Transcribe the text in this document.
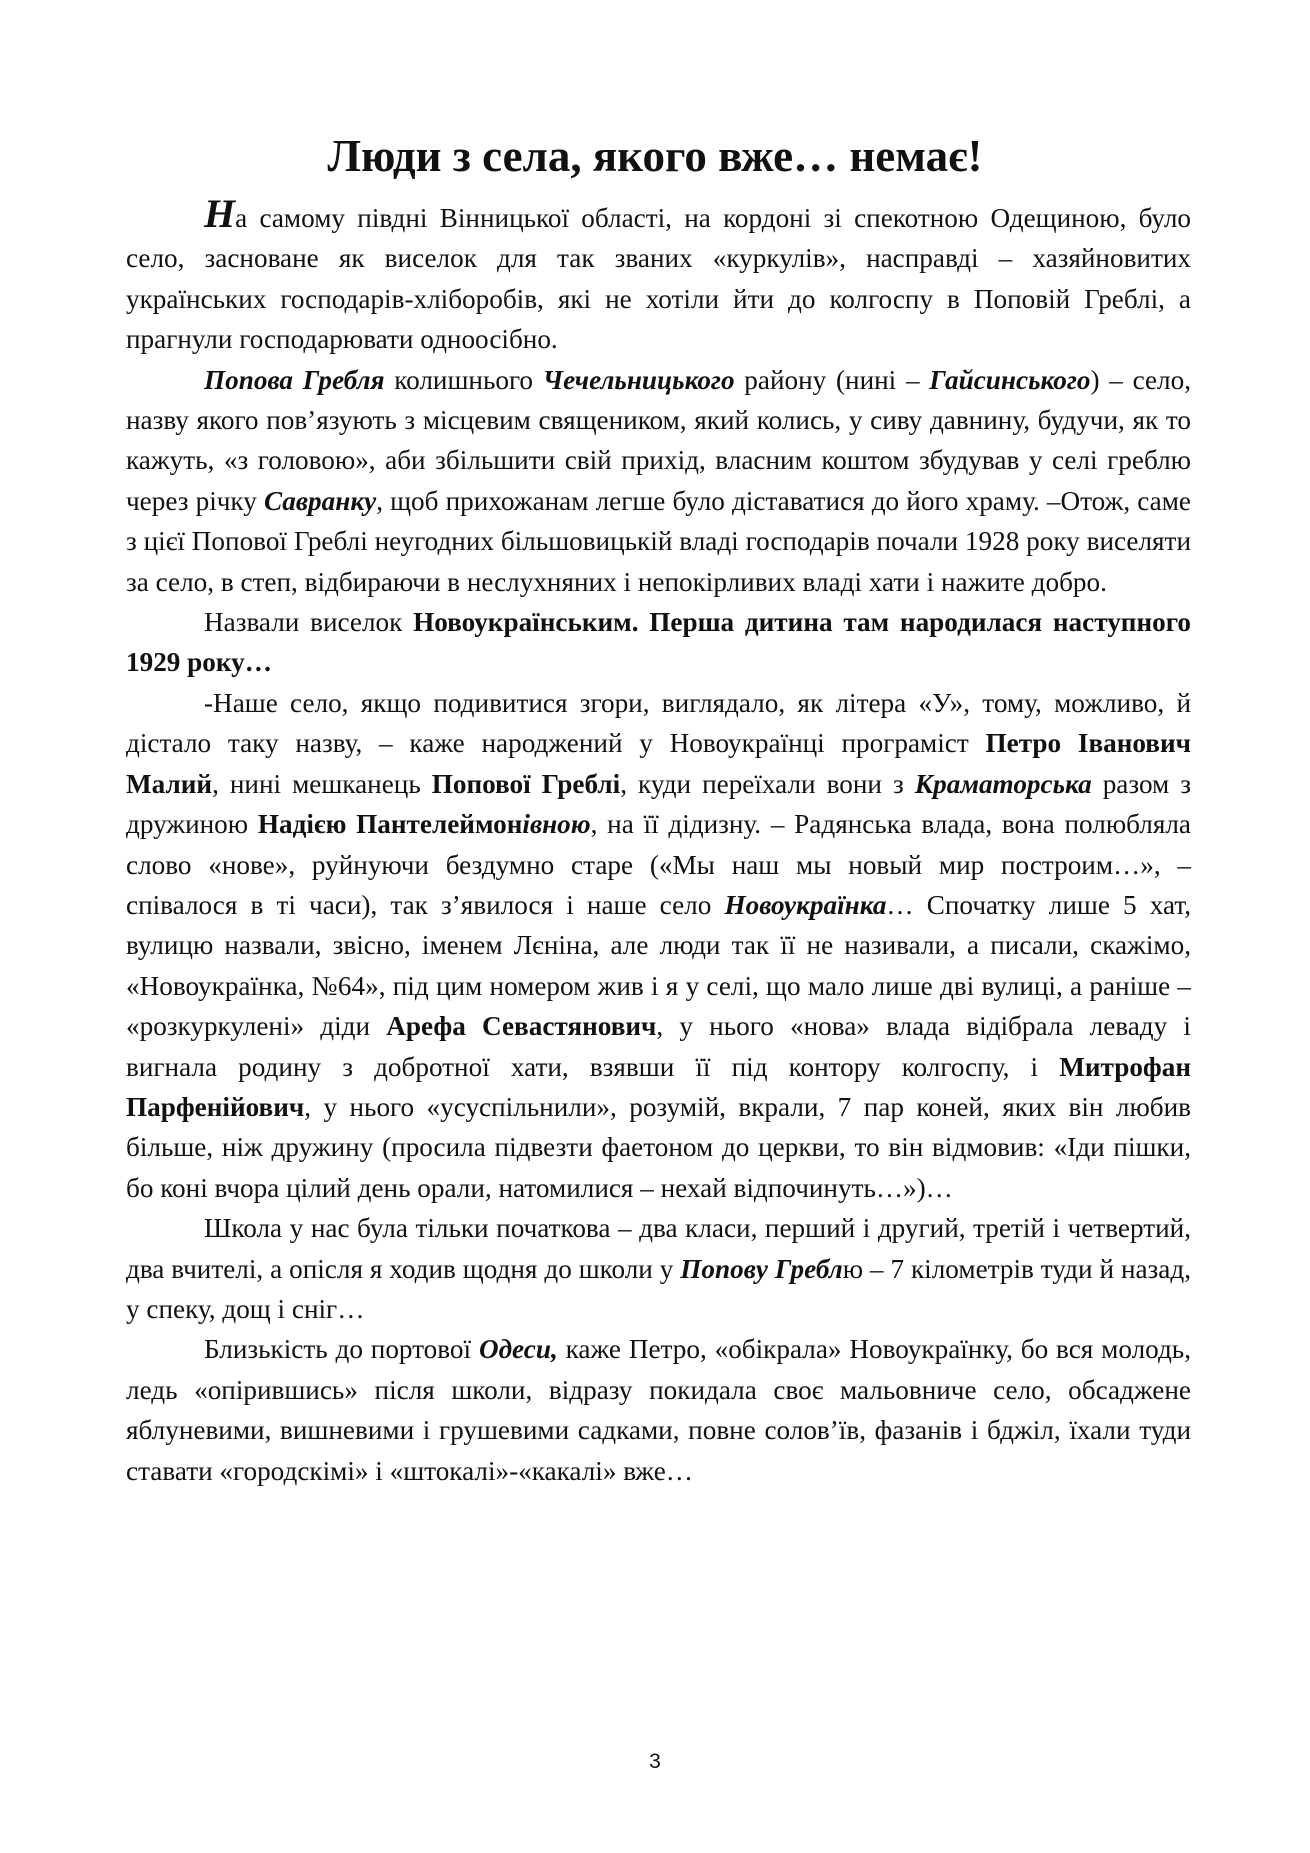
Люди з села, якого вже… немає!

На самому півдні Вінницької області, на кордоні зі спекотною Одещиною, було село, засноване як виселок для так званих «куркулів», насправді – хазяйновитих українських господарів-хліборобів, які не хотіли йти до колгоспу в Поповій Греблі, а прагнули господарювати одноосібно.

Попова Гребля колишнього Чечельницького району (нині – Гайсинського) – село, назву якого пов’язують з місцевим священиком, який колись, у сиву давнину, будучи, як то кажуть, «з головою», аби збільшити свій прихід, власним коштом збудував у селі греблю через річку Савранку, щоб прихожанам легше було діставатися до його храму. –Отож, саме з цієї Попової Греблі неугодних більшовицькій владі господарів почали 1928 року виселяти за село, в степ, відбираючи в неслухняних і непокірливих владі хати і нажите добро.

Назвали виселок Новоукраїнським. Перша дитина там народилася наступного 1929 року…

-Наше село, якщо подивитися згори, виглядало, як літера «У», тому, можливо, й дістало таку назву, – каже народжений у Новоукраїнці програміст Петро Іванович Малий, нині мешканець Попової Греблі, куди переїхали вони з Краматорська разом з дружиною Надією Пантелеймонівною, на її дідизну. – Радянська влада, вона полюбляла слово «нове», руйнуючи бездумно старе («Мы наш мы новый мир построим…», – співалося в ті часи), так з’явилося і наше село Новоукраїнка… Спочатку лише 5 хат, вулицю назвали, звісно, іменем Лєніна, але люди так її не називали, а писали, скажімо, «Новоукраїнка, №64», під цим номером жив і я у селі, що мало лише дві вулиці, а раніше – «розкуркулені» діди Арефа Севастянович, у нього «нова» влада відібрала леваду і вигнала родину з добротної хати, взявши її під контору колгоспу, і Митрофан Парфенійович, у нього «усуспільнили», розумій, вкрали, 7 пар коней, яких він любив більше, ніж дружину (просила підвезти фаетоном до церкви, то він відмовив: «Іди пішки, бо коні вчора цілий день орали, натомилися – нехай відпочинуть…»)…

Школа у нас була тільки початкова – два класи, перший і другий, третій і четвертий, два вчителі, а опісля я ходив щодня до школи у Попову Греблю – 7 кілометрів туди й назад, у спеку, дощ і сніг…

Близькість до портової Одеси, каже Петро, «обікрала» Новоукраїнку, бо вся молодь, ледь «опірившись» після школи, відразу покидала своє мальовниче село, обсаджене яблуневими, вишневими і грушевими садками, повне солов’їв, фазанів і бджіл, їхали туди ставати «городскімі» і «штокалі»-«какалі» вже…

3
